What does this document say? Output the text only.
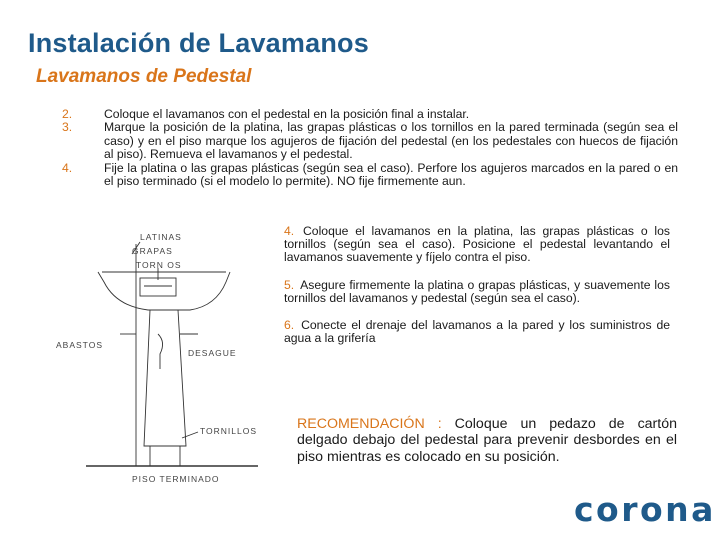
Instalación de Lavamanos
Lavamanos de Pedestal
2.	Coloque el lavamanos con el pedestal en la posición final a instalar.
3.	Marque la posición de la platina, las grapas plásticas o los tornillos en la pared terminada (según sea el caso) y en el piso marque los agujeros de fijación del pedestal (en los pedestales con huecos de fijación al piso). Remueva el lavamanos y el pedestal.
4.	Fije la platina o las grapas plásticas (según sea el caso). Perfore los agujeros marcados en la pared o en el piso terminado (si el modelo lo permite). NO fije firmemente aun.
LATINAS
GRAPAS
TORN OS
ABASTOS
DESAGUE
TORNILLOS
PISO TERMINADO
4. Coloque el lavamanos en la platina, las grapas plásticas o los tornillos (según sea el caso). Posicione el pedestal levantando el lavamanos suavemente y fíjelo contra el piso.
5. Asegure firmemente la platina o grapas plásticas, y suavemente los tornillos del lavamanos y pedestal (según sea el caso).
6. Conecte el drenaje del lavamanos a la pared y los suministros de agua a la grifería
RECOMENDACIÓN : Coloque un pedazo de cartón delgado debajo del pedestal para prevenir desbordes en el piso mientras es colocado en su posición.
corona
